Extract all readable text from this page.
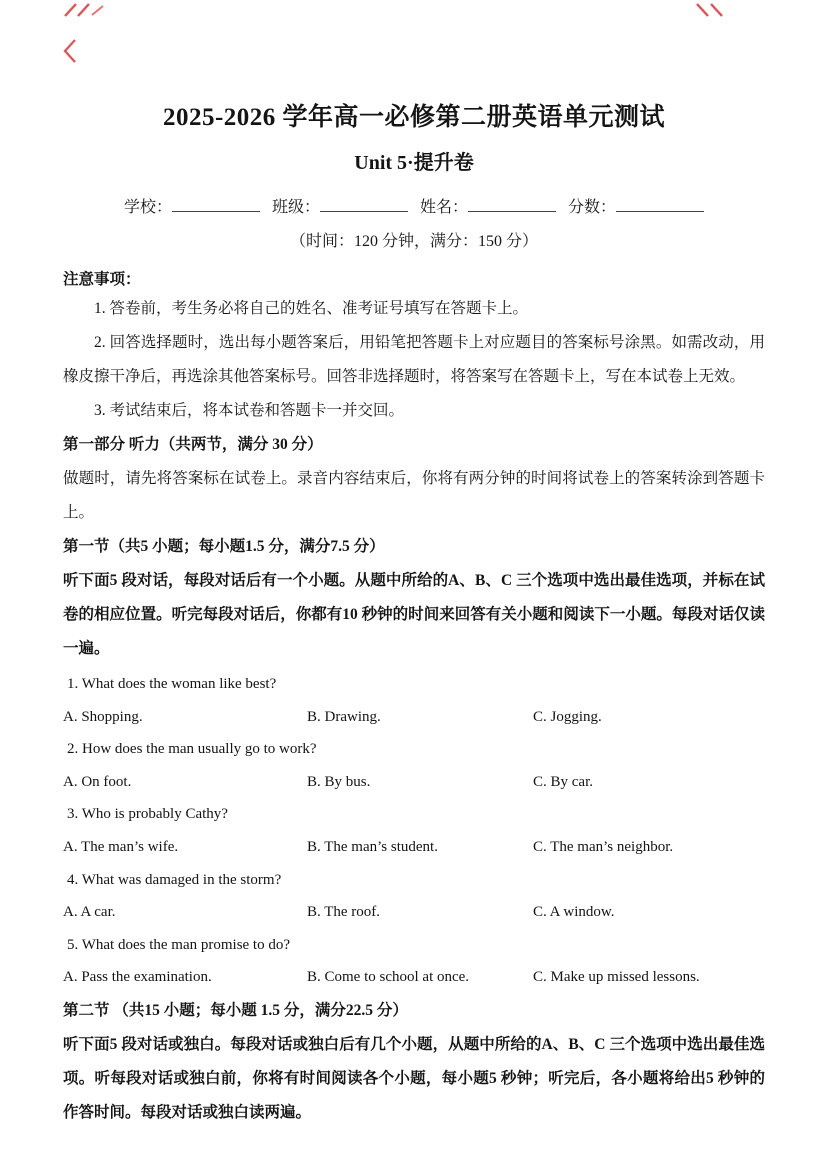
2025-2026 学年高一必修第二册英语单元测试
Unit 5·提升卷
学校：	班级：	姓名：	分数：

（时间：120 分钟，满分：150 分）

注意事项：

1. 答卷前，考生务必将自己的姓名、准考证号填写在答题卡上。

2. 回答选择题时，选出每小题答案后，用铅笔把答题卡上对应题目的答案标号涂黑。如需改动，用橡皮擦干净后，再选涂其他答案标号。回答非选择题时，将答案写在答题卡上，写在本试卷上无效。

3. 考试结束后，将本试卷和答题卡一并交回。

第一部分 听力（共两节，满分 30 分）

做题时，请先将答案标在试卷上。录音内容结束后，你将有两分钟的时间将试卷上的答案转涂到答题卡上。

第一节（共5 小题；每小题1.5 分，满分7.5 分）

听下面5 段对话，每段对话后有一个小题。从题中所给的A、B、C 三个选项中选出最佳选项，并标在试卷的相应位置。听完每段对话后，你都有10 秒钟的时间来回答有关小题和阅读下一小题。每段对话仅读一遍。

1. What does the woman like best?

A. Shopping.	B. Drawing.	C. Jogging.

2. How does the man usually go to work?

A. On foot.	B. By bus.	C. By car.

3. Who is probably Cathy?

A. The man’s wife.	B. The man’s student.	C. The man’s neighbor.

4. What was damaged in the storm?

A. A car.	B. The roof.	C. A window.

5. What does the man promise to do?

A. Pass the examination.	B. Come to school at once.	C. Make up missed lessons.

第二节 （共15 小题；每小题 1.5 分，满分22.5 分）

听下面5 段对话或独白。每段对话或独白后有几个小题，从题中所给的A、B、C 三个选项中选出最佳选项。听每段对话或独白前，你将有时间阅读各个小题，每小题5 秒钟；听完后，各小题将给出5 秒钟的作答时间。每段对话或独白读两遍。
